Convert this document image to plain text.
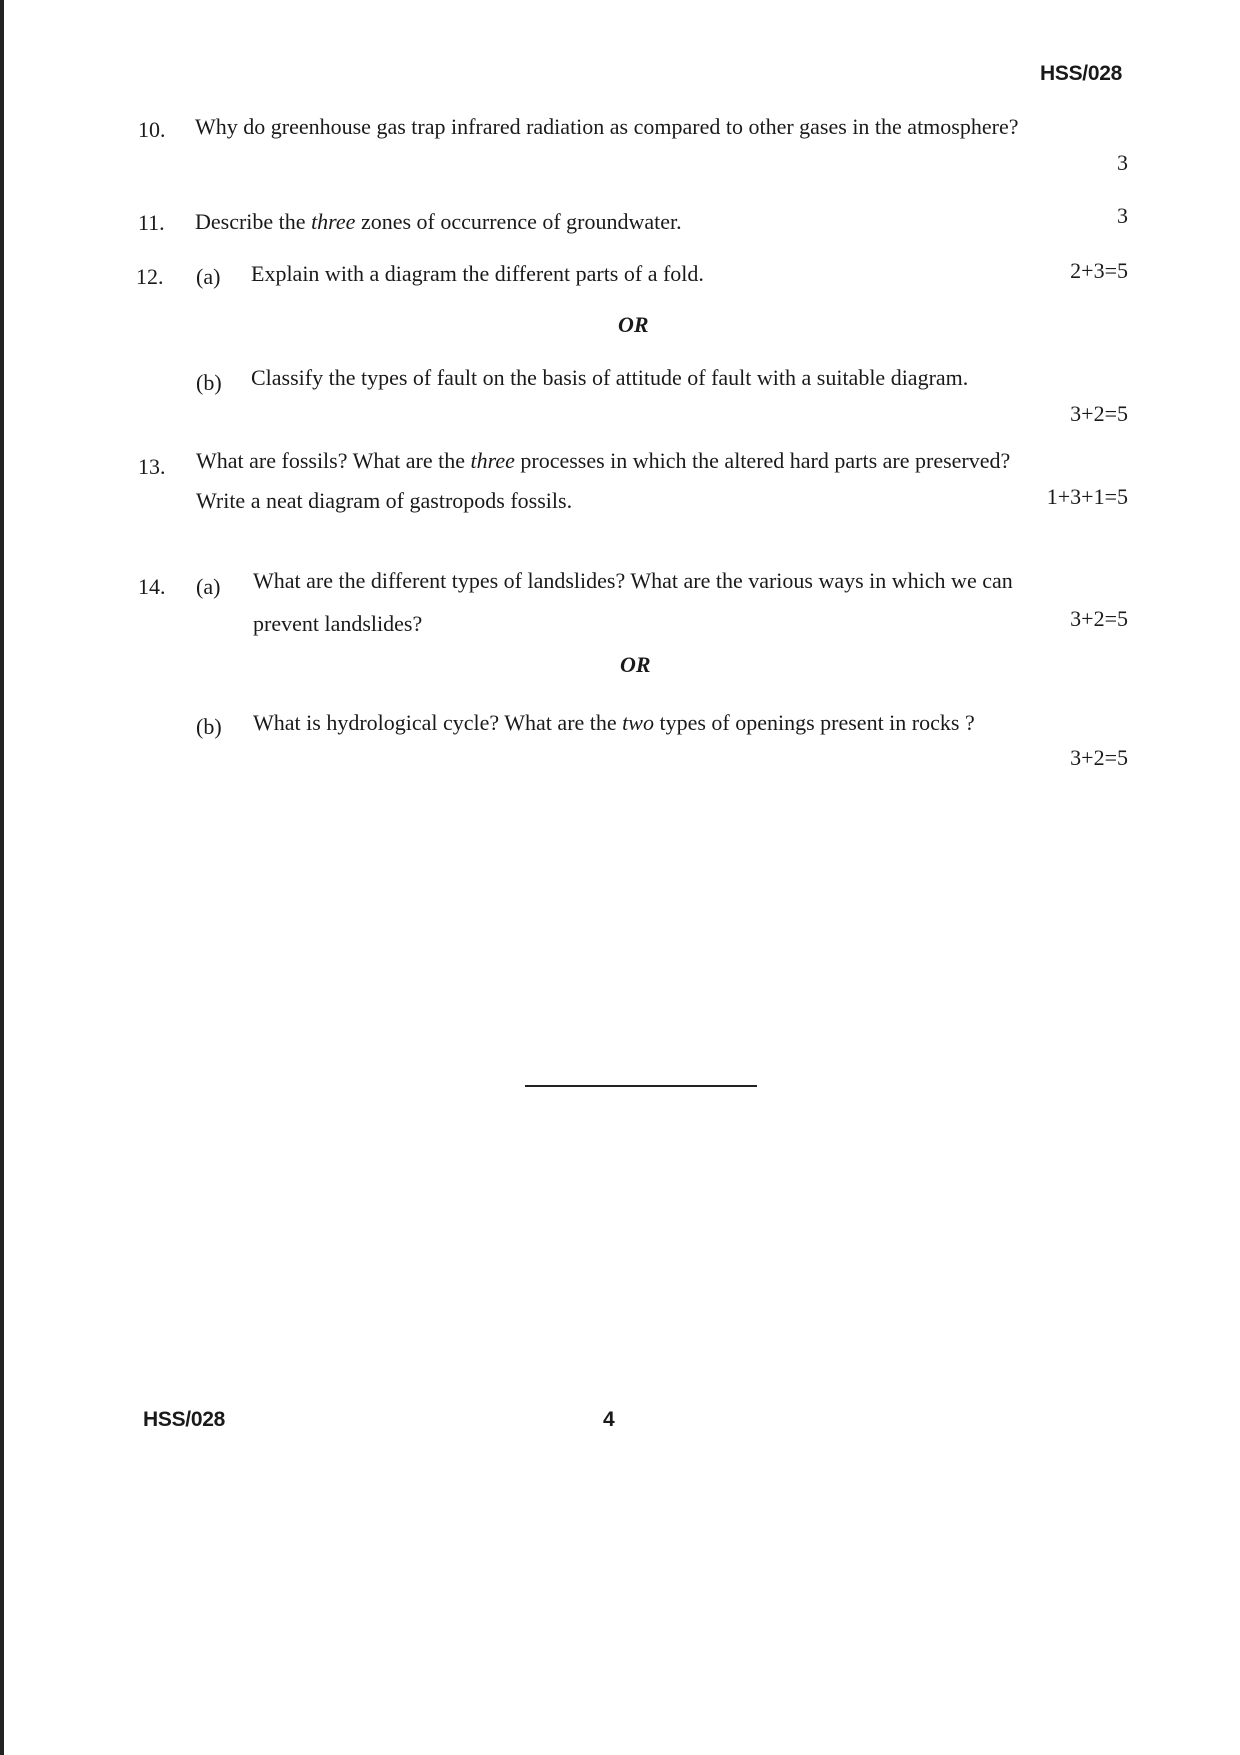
HSS/028
10. Why do greenhouse gas trap infrared radiation as compared to other gases in the atmosphere?
3
11. Describe the three zones of occurrence of groundwater.	3
12. (a) Explain with a diagram the different parts of a fold.	2+3=5
OR
(b) Classify the types of fault on the basis of attitude of fault with a suitable diagram.
3+2=5
13. What are fossils? What are the three processes in which the altered hard parts are preserved?
Write a neat diagram of gastropods fossils.	1+3+1=5
14. (a) What are the different types of landslides? What are the various ways in which we can
prevent landslides?	3+2=5
OR
(b) What is hydrological cycle? What are the two types of openings present in rocks ?
3+2=5
HSS/028	4
